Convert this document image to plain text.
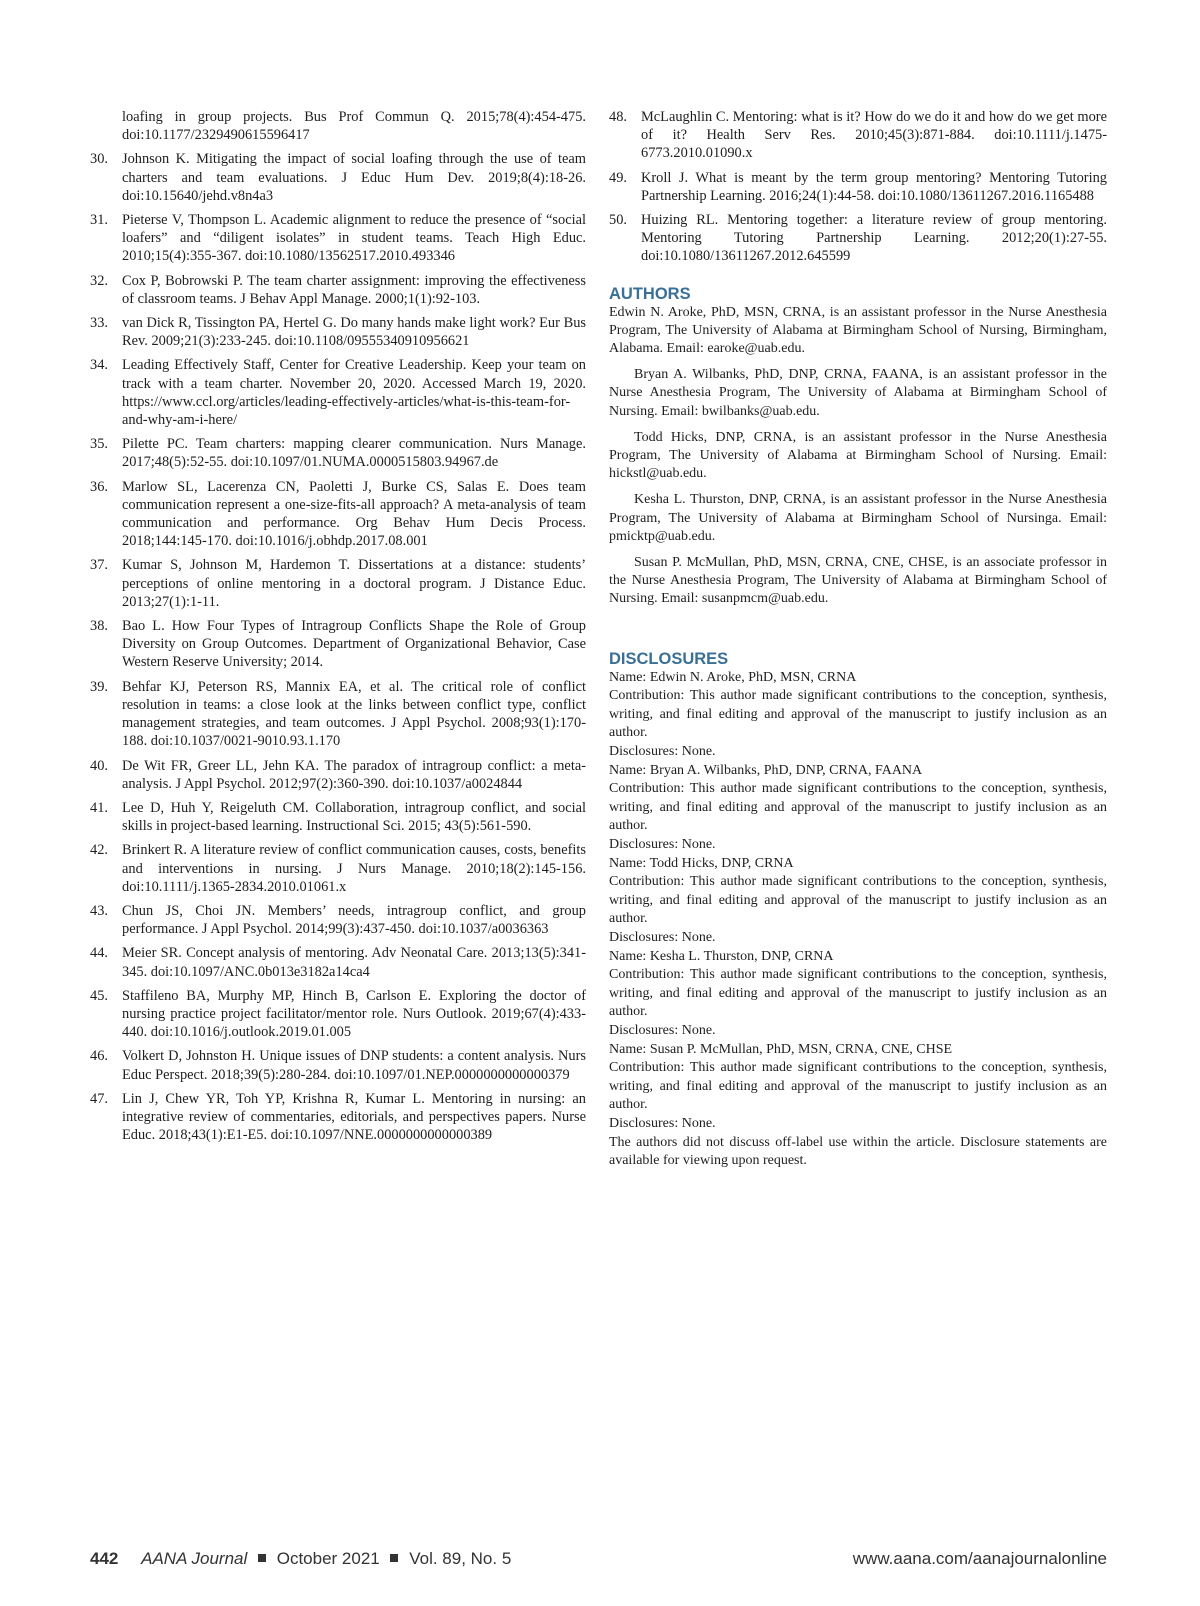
loafing in group projects. Bus Prof Commun Q. 2015;78(4):454-475. doi:10.1177/2329490615596417
30. Johnson K. Mitigating the impact of social loafing through the use of team charters and team evaluations. J Educ Hum Dev. 2019;8(4):18-26. doi:10.15640/jehd.v8n4a3
31. Pieterse V, Thompson L. Academic alignment to reduce the presence of “social loafers” and “diligent isolates” in student teams. Teach High Educ. 2010;15(4):355-367. doi:10.1080/13562517.2010.493346
32. Cox P, Bobrowski P. The team charter assignment: improving the effectiveness of classroom teams. J Behav Appl Manage. 2000;1(1):92-103.
33. van Dick R, Tissington PA, Hertel G. Do many hands make light work? Eur Bus Rev. 2009;21(3):233-245. doi:10.1108/09555340910956621
34. Leading Effectively Staff, Center for Creative Leadership. Keep your team on track with a team charter. November 20, 2020. Accessed March 19, 2020. https://www.ccl.org/articles/leading-effectively-articles/what-is-this-team-for-and-why-am-i-here/
35. Pilette PC. Team charters: mapping clearer communication. Nurs Manage. 2017;48(5):52-55. doi:10.1097/01.NUMA.0000515803.94967.de
36. Marlow SL, Lacerenza CN, Paoletti J, Burke CS, Salas E. Does team communication represent a one-size-fits-all approach? A meta-analysis of team communication and performance. Org Behav Hum Decis Process. 2018;144:145-170. doi:10.1016/j.obhdp.2017.08.001
37. Kumar S, Johnson M, Hardemon T. Dissertations at a distance: students’ perceptions of online mentoring in a doctoral program. J Distance Educ. 2013;27(1):1-11.
38. Bao L. How Four Types of Intragroup Conflicts Shape the Role of Group Diversity on Group Outcomes. Department of Organizational Behavior, Case Western Reserve University; 2014.
39. Behfar KJ, Peterson RS, Mannix EA, et al. The critical role of conflict resolution in teams: a close look at the links between conflict type, conflict management strategies, and team outcomes. J Appl Psychol. 2008;93(1):170-188. doi:10.1037/0021-9010.93.1.170
40. De Wit FR, Greer LL, Jehn KA. The paradox of intragroup conflict: a meta-analysis. J Appl Psychol. 2012;97(2):360-390. doi:10.1037/a0024844
41. Lee D, Huh Y, Reigeluth CM. Collaboration, intragroup conflict, and social skills in project-based learning. Instructional Sci. 2015; 43(5):561-590.
42. Brinkert R. A literature review of conflict communication causes, costs, benefits and interventions in nursing. J Nurs Manage. 2010;18(2):145-156. doi:10.1111/j.1365-2834.2010.01061.x
43. Chun JS, Choi JN. Members’ needs, intragroup conflict, and group performance. J Appl Psychol. 2014;99(3):437-450. doi:10.1037/a0036363
44. Meier SR. Concept analysis of mentoring. Adv Neonatal Care. 2013;13(5):341-345. doi:10.1097/ANC.0b013e3182a14ca4
45. Staffileno BA, Murphy MP, Hinch B, Carlson E. Exploring the doctor of nursing practice project facilitator/mentor role. Nurs Outlook. 2019;67(4):433-440. doi:10.1016/j.outlook.2019.01.005
46. Volkert D, Johnston H. Unique issues of DNP students: a content analysis. Nurs Educ Perspect. 2018;39(5):280-284. doi:10.1097/01.NEP.0000000000000379
47. Lin J, Chew YR, Toh YP, Krishna R, Kumar L. Mentoring in nursing: an integrative review of commentaries, editorials, and perspectives papers. Nurse Educ. 2018;43(1):E1-E5. doi:10.1097/NNE.0000000000000389
48. McLaughlin C. Mentoring: what is it? How do we do it and how do we get more of it? Health Serv Res. 2010;45(3):871-884. doi:10.1111/j.1475-6773.2010.01090.x
49. Kroll J. What is meant by the term group mentoring? Mentoring Tutoring Partnership Learning. 2016;24(1):44-58. doi:10.1080/13611267.2016.1165488
50. Huizing RL. Mentoring together: a literature review of group mentoring. Mentoring Tutoring Partnership Learning. 2012;20(1):27-55. doi:10.1080/13611267.2012.645599
AUTHORS

Edwin N. Aroke, PhD, MSN, CRNA, is an assistant professor in the Nurse Anesthesia Program, The University of Alabama at Birmingham School of Nursing, Birmingham, Alabama. Email: earoke@uab.edu.

Bryan A. Wilbanks, PhD, DNP, CRNA, FAANA, is an assistant professor in the Nurse Anesthesia Program, The University of Alabama at Birmingham School of Nursing. Email: bwilbanks@uab.edu.

Todd Hicks, DNP, CRNA, is an assistant professor in the Nurse Anesthesia Program, The University of Alabama at Birmingham School of Nursing. Email: hickstl@uab.edu.

Kesha L. Thurston, DNP, CRNA, is an assistant professor in the Nurse Anesthesia Program, The University of Alabama at Birmingham School of Nursinga. Email: pmicktp@uab.edu.

Susan P. McMullan, PhD, MSN, CRNA, CNE, CHSE, is an associate professor in the Nurse Anesthesia Program, The University of Alabama at Birmingham School of Nursing. Email: susanpmcm@uab.edu.

DISCLOSURES

Name: Edwin N. Aroke, PhD, MSN, CRNA

Contribution: This author made significant contributions to the conception, synthesis, writing, and final editing and approval of the manuscript to justify inclusion as an author.

Disclosures: None.

Name: Bryan A. Wilbanks, PhD, DNP, CRNA, FAANA

Contribution: This author made significant contributions to the conception, synthesis, writing, and final editing and approval of the manuscript to justify inclusion as an author.

Disclosures: None.

Name: Todd Hicks, DNP, CRNA

Contribution: This author made significant contributions to the conception, synthesis, writing, and final editing and approval of the manuscript to justify inclusion as an author.

Disclosures: None.

Name: Kesha L. Thurston, DNP, CRNA

Contribution: This author made significant contributions to the conception, synthesis, writing, and final editing and approval of the manuscript to justify inclusion as an author.

Disclosures: None.

Name: Susan P. McMullan, PhD, MSN, CRNA, CNE, CHSE

Contribution: This author made significant contributions to the conception, synthesis, writing, and final editing and approval of the manuscript to justify inclusion as an author.

Disclosures: None.

The authors did not discuss off-label use within the article. Disclosure statements are available for viewing upon request.

442 AANA Journal October 2021 Vol. 89, No. 5	www.aana.com/aanajournalonline
